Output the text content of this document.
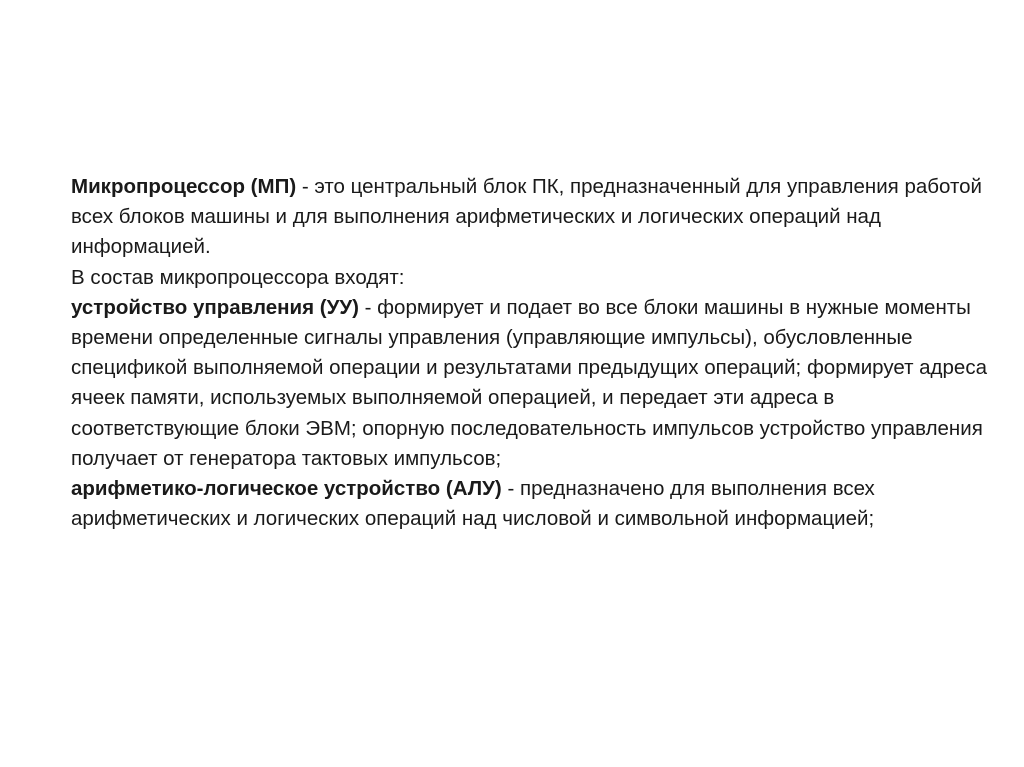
Микропроцессор (МП) - это центральный блок ПК, предназначенный для управления работой всех блоков машины и для выполнения арифметических и логических операций над информацией.

В состав микропроцессора входят:

устройство управления (УУ) - формирует и подает во все блоки машины в нужные моменты времени определенные сигналы управления (управляющие импульсы), обусловленные спецификой выполняемой операции и результатами предыдущих операций; формирует адреса ячеек памяти, используемых выполняемой операцией, и передает эти адреса в соответствующие блоки ЭВМ; опорную последовательность импульсов устройство управления получает от генератора тактовых импульсов;

арифметико-логическое устройство (АЛУ) - предназначено для выполнения всех арифметических и логических операций над числовой и символьной информацией;
